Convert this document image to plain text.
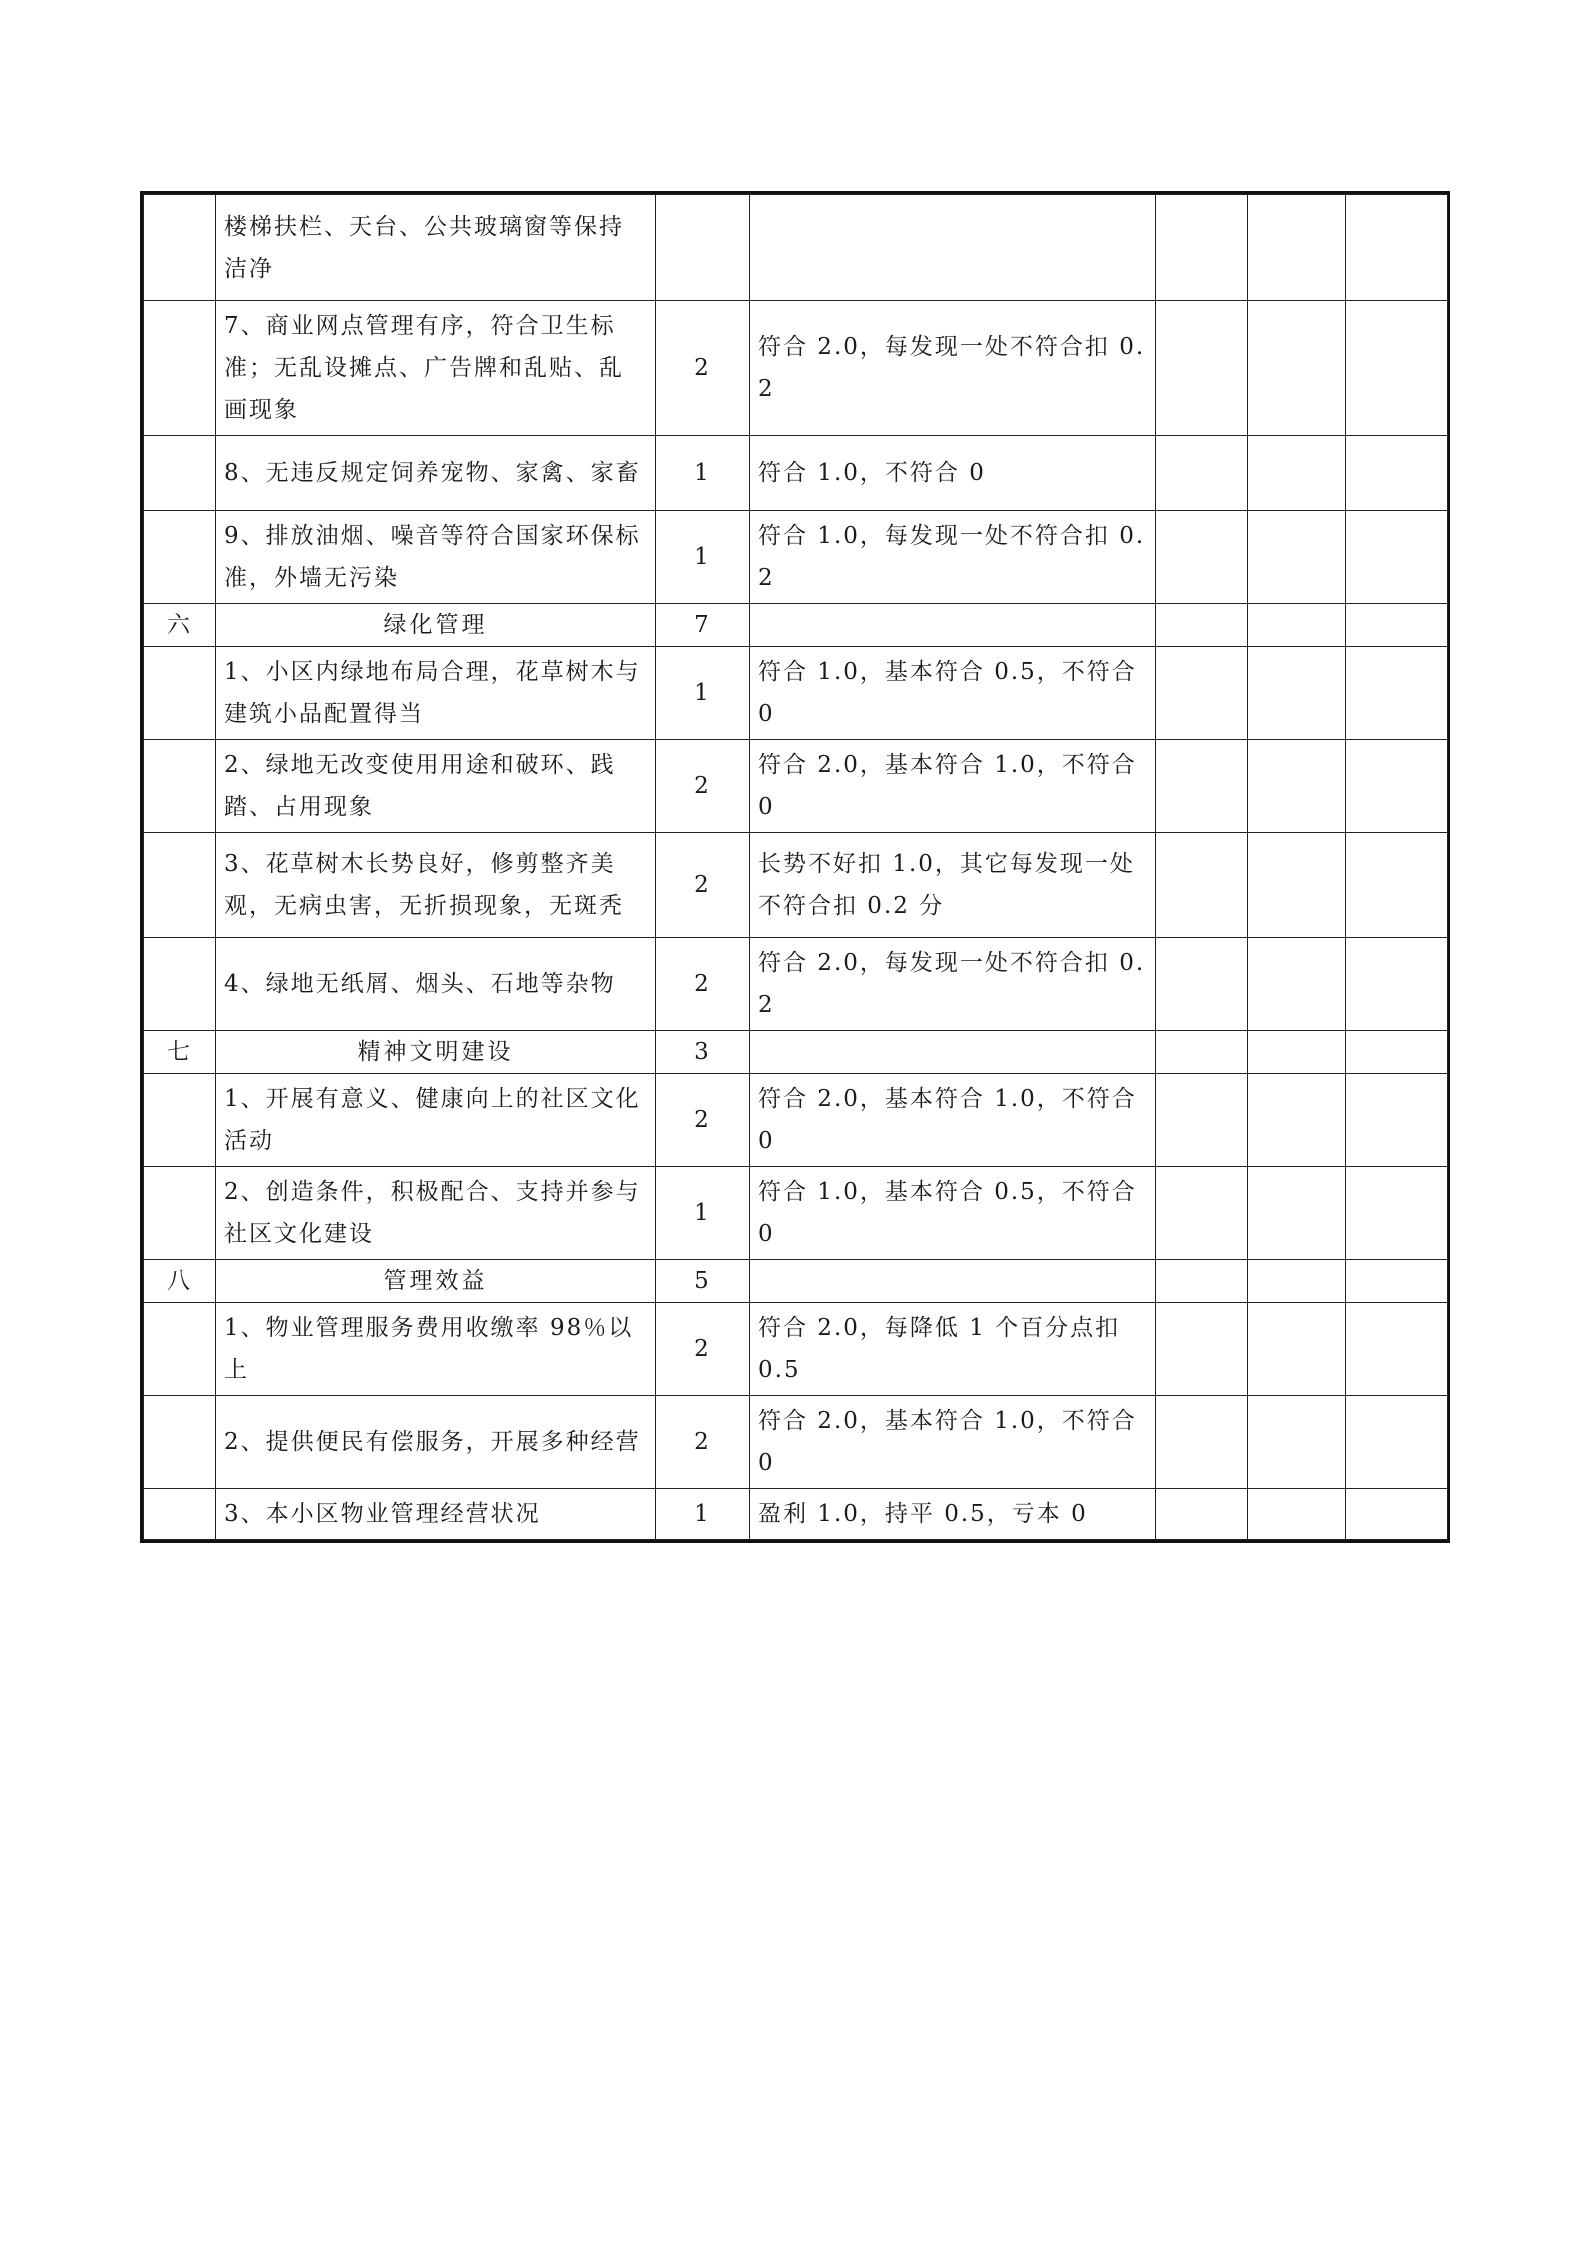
	楼梯扶栏、天台、公共玻璃窗等保持洁净					
	7、商业网点管理有序，符合卫生标准；无乱设摊点、广告牌和乱贴、乱画现象	2	符合 2.0，每发现一处不符合扣 0.2			
	8、无违反规定饲养宠物、家禽、家畜	1	符合 1.0，不符合 0			
	9、排放油烟、噪音等符合国家环保标准，外墙无污染	1	符合 1.0，每发现一处不符合扣 0.2			
六	绿化管理	7				
	1、小区内绿地布局合理，花草树木与建筑小品配置得当	1	符合 1.0，基本符合 0.5，不符合 0			
	2、绿地无改变使用用途和破环、践踏、占用现象	2	符合 2.0，基本符合 1.0，不符合 0			
	3、花草树木长势良好，修剪整齐美观，无病虫害，无折损现象，无斑秃	2	长势不好扣 1.0，其它每发现一处不符合扣 0.2 分			
	4、绿地无纸屑、烟头、石地等杂物	2	符合 2.0，每发现一处不符合扣 0.2			
七	精神文明建设	3				
	1、开展有意义、健康向上的社区文化活动	2	符合 2.0，基本符合 1.0，不符合 0			
	2、创造条件，积极配合、支持并参与社区文化建设	1	符合 1.0，基本符合 0.5，不符合 0			
八	管理效益	5				
	1、物业管理服务费用收缴率 98％以上	2	符合 2.0，每降低 1 个百分点扣 0.5			
	2、提供便民有偿服务，开展多种经营	2	符合 2.0，基本符合 1.0，不符合 0			
	3、本小区物业管理经营状况	1	盈利 1.0，持平 0.5，亏本 0			
